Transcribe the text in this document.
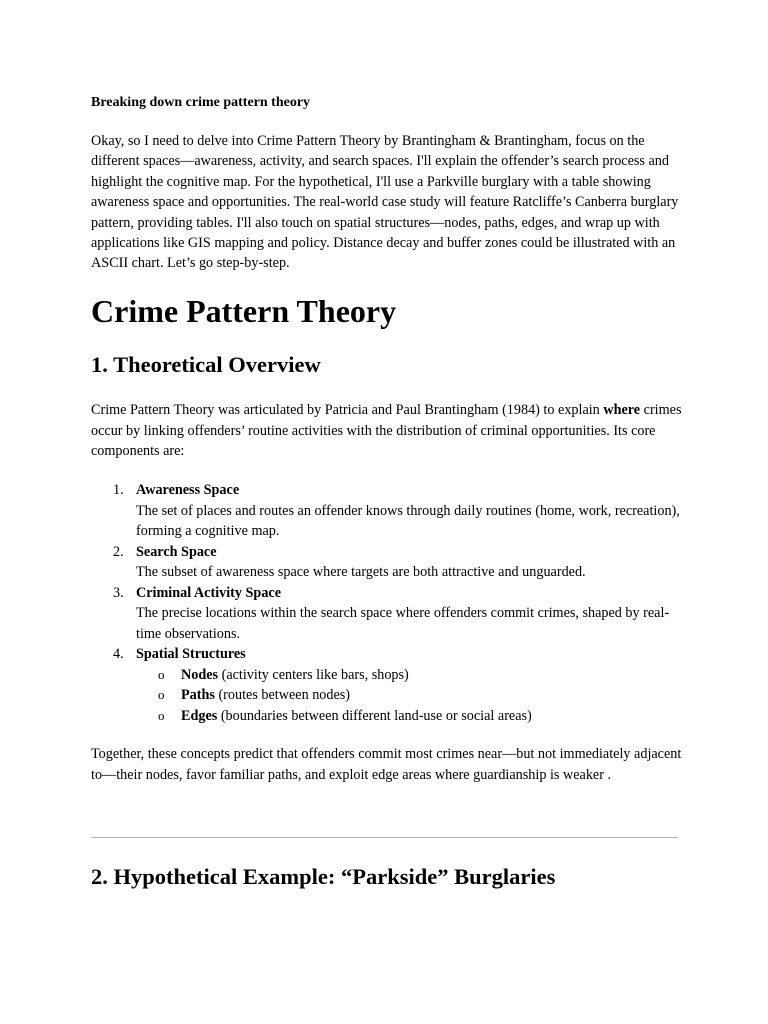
Breaking down crime pattern theory

Okay, so I need to delve into Crime Pattern Theory by Brantingham & Brantingham, focus on the different spaces—awareness, activity, and search spaces. I'll explain the offender’s search process and highlight the cognitive map. For the hypothetical, I'll use a Parkville burglary with a table showing awareness space and opportunities. The real-world case study will feature Ratcliffe’s Canberra burglary pattern, providing tables. I'll also touch on spatial structures—nodes, paths, edges, and wrap up with applications like GIS mapping and policy. Distance decay and buffer zones could be illustrated with an ASCII chart. Let’s go step-by-step.

Crime Pattern Theory
1. Theoretical Overview

Crime Pattern Theory was articulated by Patricia and Paul Brantingham (1984) to explain where crimes occur by linking offenders’ routine activities with the distribution of criminal opportunities. Its core components are:

1. Awareness Space
The set of places and routes an offender knows through daily routines (home, work, recreation), forming a cognitive map.
2. Search Space
The subset of awareness space where targets are both attractive and unguarded.
3. Criminal Activity Space
The precise locations within the search space where offenders commit crimes, shaped by real-time observations.
4. Spatial Structures
o Nodes (activity centers like bars, shops)
o Paths (routes between nodes)
o Edges (boundaries between different land-use or social areas)

Together, these concepts predict that offenders commit most crimes near—but not immediately adjacent to—their nodes, favor familiar paths, and exploit edge areas where guardianship is weaker .

2. Hypothetical Example: “Parkside” Burglaries
